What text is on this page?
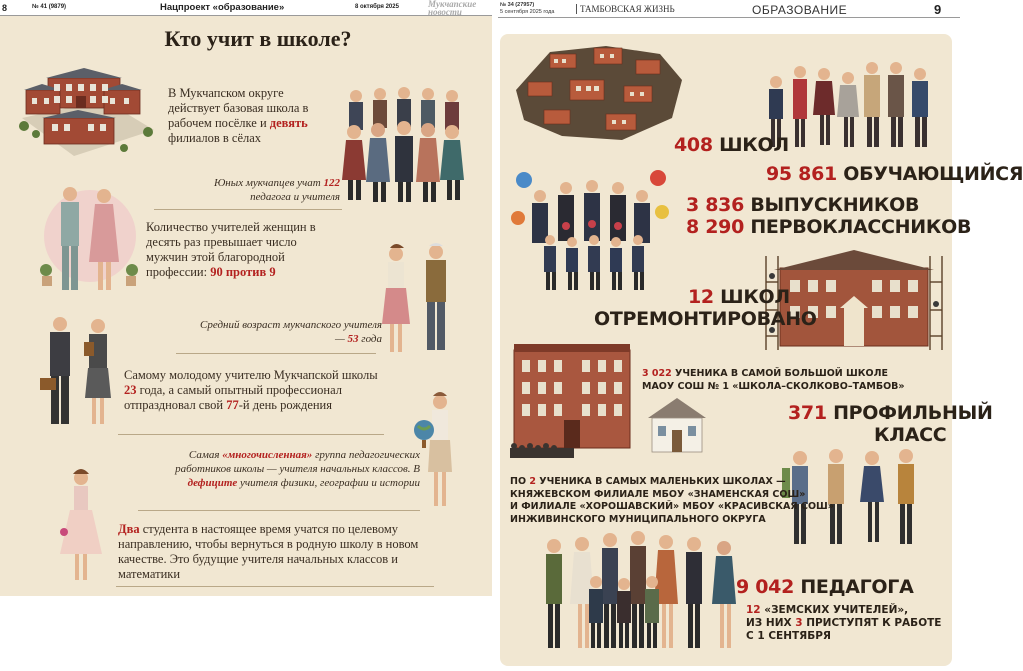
8	№ 41 (9879)	Нацпроект «образование»	8 октября 2025	Мукчапские
новости
Кто учит в школе?
В Мукчапском округе действует базовая школа в рабочем посёлке и девять филиалов в сёлах
Юных мукчапцев учат 122 педагога и учителя
Количество учителей женщин в десять раз превышает число мужчин этой благородной профессии: 90 против 9
Средний возраст мукчапского учителя — 53 года
Самому молодому учителю Мукчапской школы 23 года, а самый опытный профессионал отпраздновал свой 77-й день рождения
Самая «многочисленная» группа педагогических работников школы — учителя начальных классов. В дефиците учителя физики, географии и истории
Два студента в настоящее время учатся по целевому направлению, чтобы вернуться в родную школу в новом качестве. Это будущие учителя начальных классов и математики
№ 34 (27957)
5 сентября 2025 года	ТАМБОВСКАЯ ЖИЗНЬ	ОБРАЗОВАНИЕ	9
408 ШКОЛ
95 861 ОБУЧАЮЩИЙСЯ
3 836 ВЫПУСКНИКОВ
8 290 ПЕРВОКЛАССНИКОВ
12 ШКОЛ
ОТРЕМОНТИРОВАНО
3 022 УЧЕНИКА В САМОЙ БОЛЬШОЙ ШКОЛЕ
МАОУ СОШ № 1 «ШКОЛА–СКОЛКОВО–ТАМБОВ»
371 ПРОФИЛЬНЫЙ
КЛАСС
ПО 2 УЧЕНИКА В САМЫХ МАЛЕНЬКИХ ШКОЛАХ —
КНЯЖЕВСКОМ ФИЛИАЛЕ МБОУ «ЗНАМЕНСКАЯ СОШ»
И ФИЛИАЛЕ «ХОРОШАВСКИЙ» МБОУ «КРАСИВСКАЯ СОШ»
ИНЖИВИНСКОГО МУНИЦИПАЛЬНОГО ОКРУГА
9 042 ПЕДАГОГА
12 «ЗЕМСКИХ УЧИТЕЛЕЙ»,
ИЗ НИХ 3 ПРИСТУПЯТ К РАБОТЕ
С 1 СЕНТЯБРЯ
